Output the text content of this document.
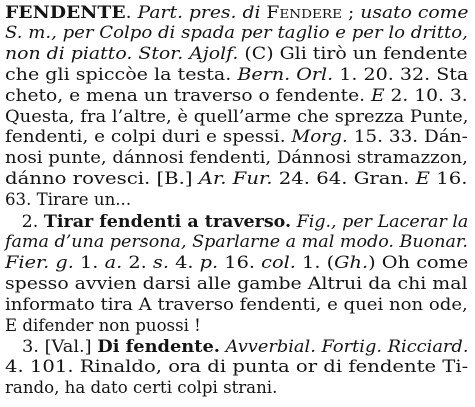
FENDENTE. Part. pres. di Fendere ; usato come
S. m., per Colpo di spada per taglio e per lo dritto,
non di piatto. Stor. Ajolf. (C) Gli tirò un fendente
che gli spiccòe la testa. Bern. Orl. 1. 20. 32. Sta
cheto, e mena un traverso o fendente. E 2. 10. 3.
Questa, fra l’altre, è quell’arme che sprezza Punte,
fendenti, e colpi duri e spessi. Morg. 15. 33. Dán-
nosi punte, dánnosi fendenti, Dánnosi stramazzon,
dánno rovesci. [B.] Ar. Fur. 24. 64. Gran. E 16.
63. Tirare un...
2. Tirar fendenti a traverso. Fig., per Lacerar la
fama d’una persona, Sparlarne a mal modo. Buonar.
Fier. g. 1. a. 2. s. 4. p. 16. col. 1. (Gh.) Oh come
spesso avvien darsi alle gambe Altrui da chi mal
informato tira A traverso fendenti, e quei non ode,
E difender non puossi !
3. [Val.] Di fendente. Avverbial. Fortig. Ricciard.
4. 101. Rinaldo, ora di punta or di fendente Ti-
rando, ha dato certi colpi strani.
